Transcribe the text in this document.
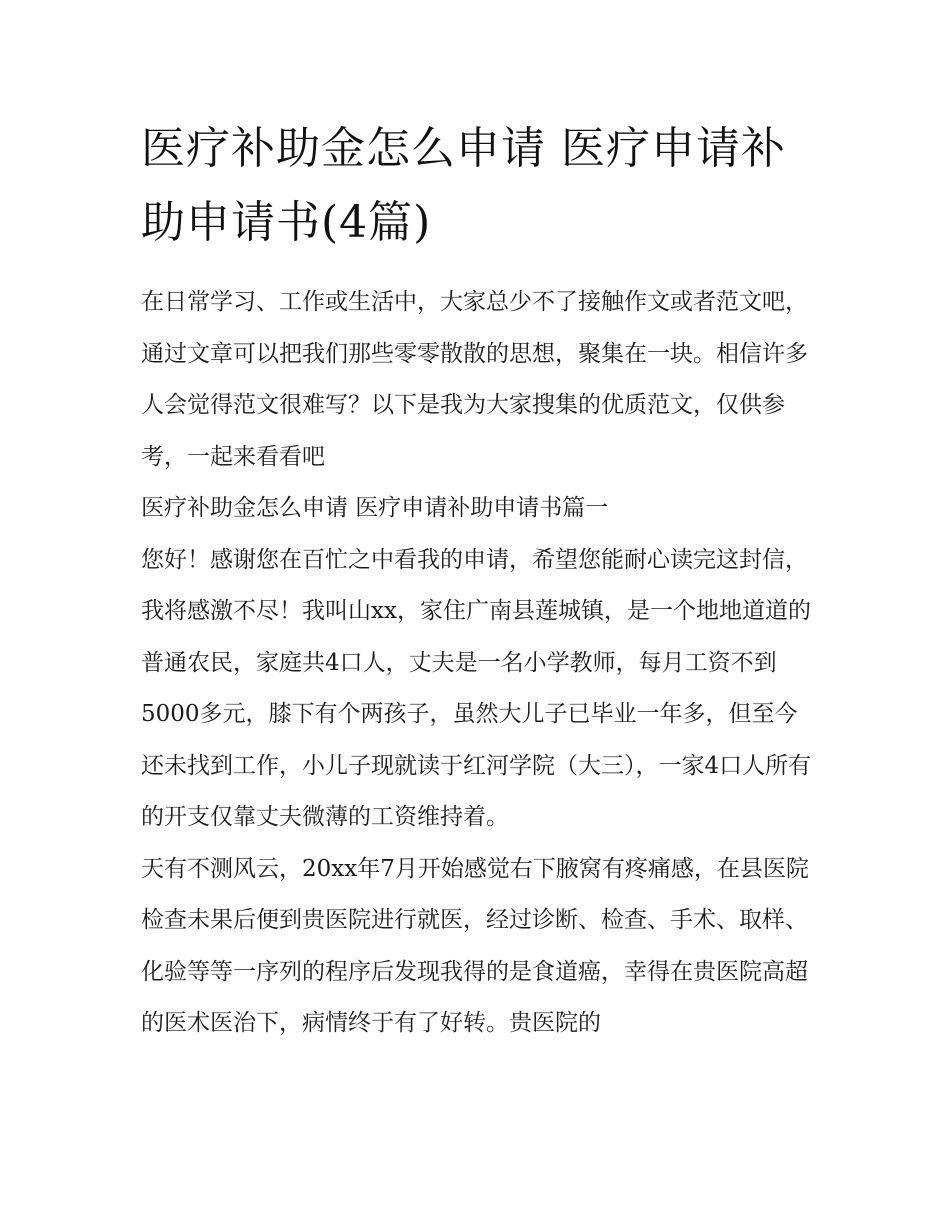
医疗补助金怎么申请 医疗申请补助申请书(4篇)

在日常学习、工作或生活中，大家总少不了接触作文或者范文吧，通过文章可以把我们那些零零散散的思想，聚集在一块。相信许多人会觉得范文很难写？以下是我为大家搜集的优质范文，仅供参考，一起来看看吧

医疗补助金怎么申请 医疗申请补助申请书篇一

您好！感谢您在百忙之中看我的申请，希望您能耐心读完这封信，我将感激不尽！我叫山xx，家住广南县莲城镇，是一个地地道道的普通农民，家庭共4口人，丈夫是一名小学教师，每月工资不到5000多元，膝下有个两孩子，虽然大儿子已毕业一年多，但至今还未找到工作，小儿子现就读于红河学院（大三），一家4口人所有的开支仅靠丈夫微薄的工资维持着。

天有不测风云，20xx年7月开始感觉右下腋窝有疼痛感，在县医院检查未果后便到贵医院进行就医，经过诊断、检查、手术、取样、化验等等一序列的程序后发现我得的是食道癌，幸得在贵医院高超的医术医治下，病情终于有了好转。贵医院的
